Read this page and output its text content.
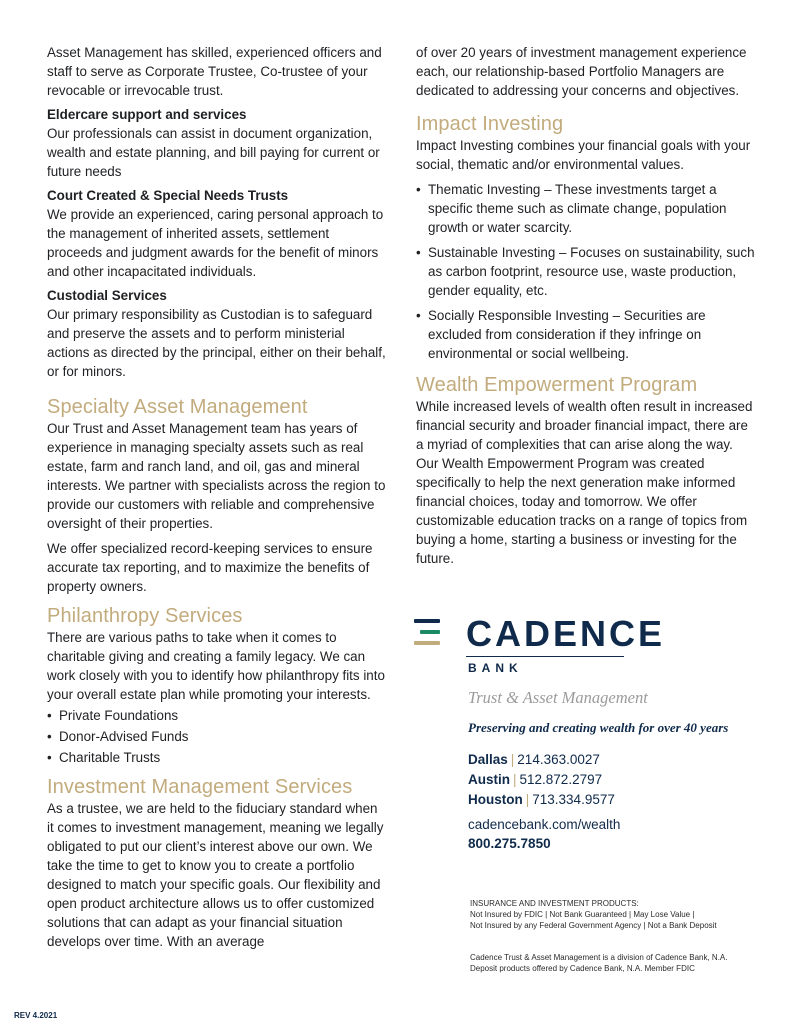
Asset Management has skilled, experienced officers and staff to serve as Corporate Trustee, Co-trustee of your revocable or irrevocable trust.

Eldercare support and services

Our professionals can assist in document organization, wealth and estate planning, and bill paying for current or future needs

Court Created & Special Needs Trusts

We provide an experienced, caring personal approach to the management of inherited assets, settlement proceeds and judgment awards for the benefit of minors and other incapacitated individuals.

Custodial Services

Our primary responsibility as Custodian is to safeguard and preserve the assets and to perform ministerial actions as directed by the principal, either on their behalf, or for minors.

Specialty Asset Management

Our Trust and Asset Management team has years of experience in managing specialty assets such as real estate, farm and ranch land, and oil, gas and mineral interests. We partner with specialists across the region to provide our customers with reliable and comprehensive oversight of their properties.

We offer specialized record-keeping services to ensure accurate tax reporting, and to maximize the benefits of property owners.

Philanthropy Services

There are various paths to take when it comes to charitable giving and creating a family legacy. We can work closely with you to identify how philanthropy fits into your overall estate plan while promoting your interests.

• Private Foundations
• Donor-Advised Funds
• Charitable Trusts
Investment Management Services

As a trustee, we are held to the fiduciary standard when it comes to investment management, meaning we legally obligated to put our client’s interest above our own. We take the time to get to know you to create a portfolio designed to match your specific goals. Our flexibility and open product architecture allows us to offer customized solutions that can adapt as your financial situation develops over time. With an average

of over 20 years of investment management experience each, our relationship-based Portfolio Managers are dedicated to addressing your concerns and objectives.

Impact Investing

Impact Investing combines your financial goals with your social, thematic and/or environmental values.

• Thematic Investing – These investments target a specific theme such as climate change, population growth or water scarcity.
• Sustainable Investing – Focuses on sustainability, such as carbon footprint, resource use, waste production, gender equality, etc.
• Socially Responsible Investing – Securities are excluded from consideration if they infringe on environmental or social wellbeing.
Wealth Empowerment Program

While increased levels of wealth often result in increased financial security and broader financial impact, there are a myriad of complexities that can arise along the way. Our Wealth Empowerment Program was created specifically to help the next generation make informed financial choices, today and tomorrow. We offer customizable education tracks on a range of topics from buying a home, starting a business or investing for the future.

CADENCE
BANK
Trust & Asset Management
Preserving and creating wealth for over 40 years
Dallas | 214.363.0027
Austin | 512.872.2797
Houston | 713.334.9577
cadencebank.com/wealth
800.275.7850
INSURANCE AND INVESTMENT PRODUCTS:
Not Insured by FDIC | Not Bank Guaranteed | May Lose Value |
Not Insured by any Federal Government Agency | Not a Bank Deposit
Cadence Trust & Asset Management is a division of Cadence Bank, N.A.
Deposit products offered by Cadence Bank, N.A. Member FDIC
REV 4.2021
